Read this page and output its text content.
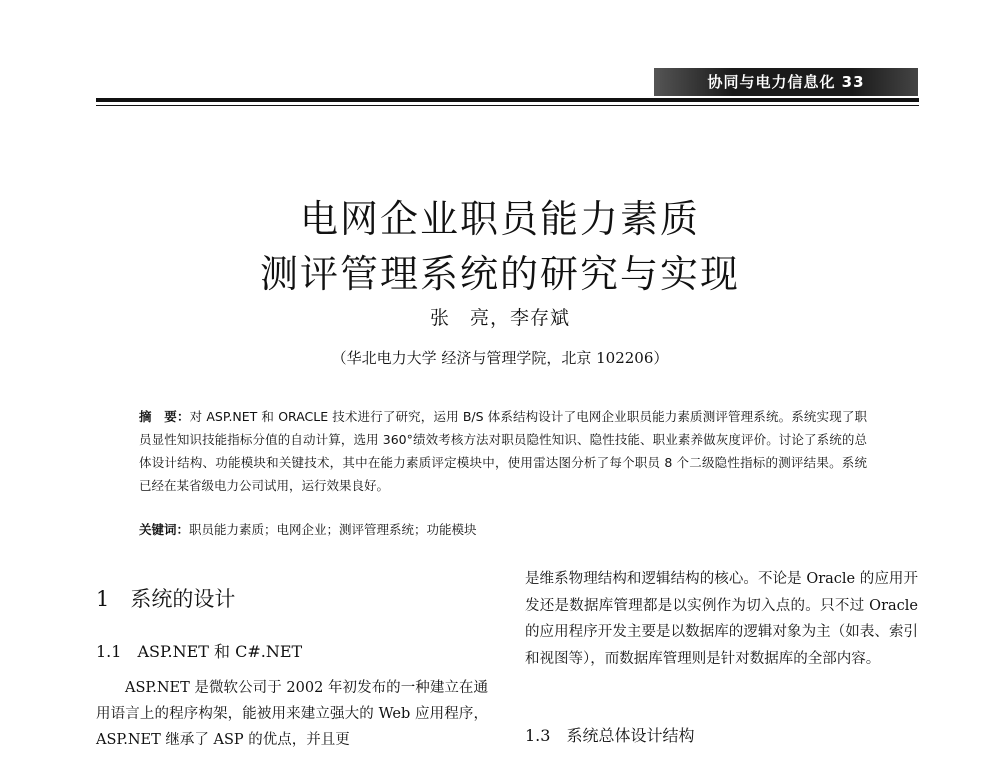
协同与电力信息化 33
电网企业职员能力素质
测评管理系统的研究与实现
张　亮，李存斌
（华北电力大学 经济与管理学院，北京 102206）
摘　要：对 ASP.NET 和 ORACLE 技术进行了研究，运用 B/S 体系结构设计了电网企业职员能力素质测评管理系统。系统实现了职员显性知识技能指标分值的自动计算，选用 360°绩效考核方法对职员隐性知识、隐性技能、职业素养做灰度评价。讨论了系统的总体设计结构、功能模块和关键技术，其中在能力素质评定模块中，使用雷达图分析了每个职员 8 个二级隐性指标的测评结果。系统已经在某省级电力公司试用，运行效果良好。
关键词：职员能力素质；电网企业；测评管理系统；功能模块
1　系统的设计
1.1　ASP.NET 和 C#.NET
ASP.NET 是微软公司于 2002 年初发布的一种建立在通用语言上的程序构架，能被用来建立强大的 Web 应用程序，ASP.NET 继承了 ASP 的优点，并且更
是维系物理结构和逻辑结构的核心。不论是 Oracle 的应用开发还是数据库管理都是以实例作为切入点的。只不过 Oracle 的应用程序开发主要是以数据库的逻辑对象为主（如表、索引和视图等），而数据库管理则是针对数据库的全部内容。
1.3　系统总体设计结构
